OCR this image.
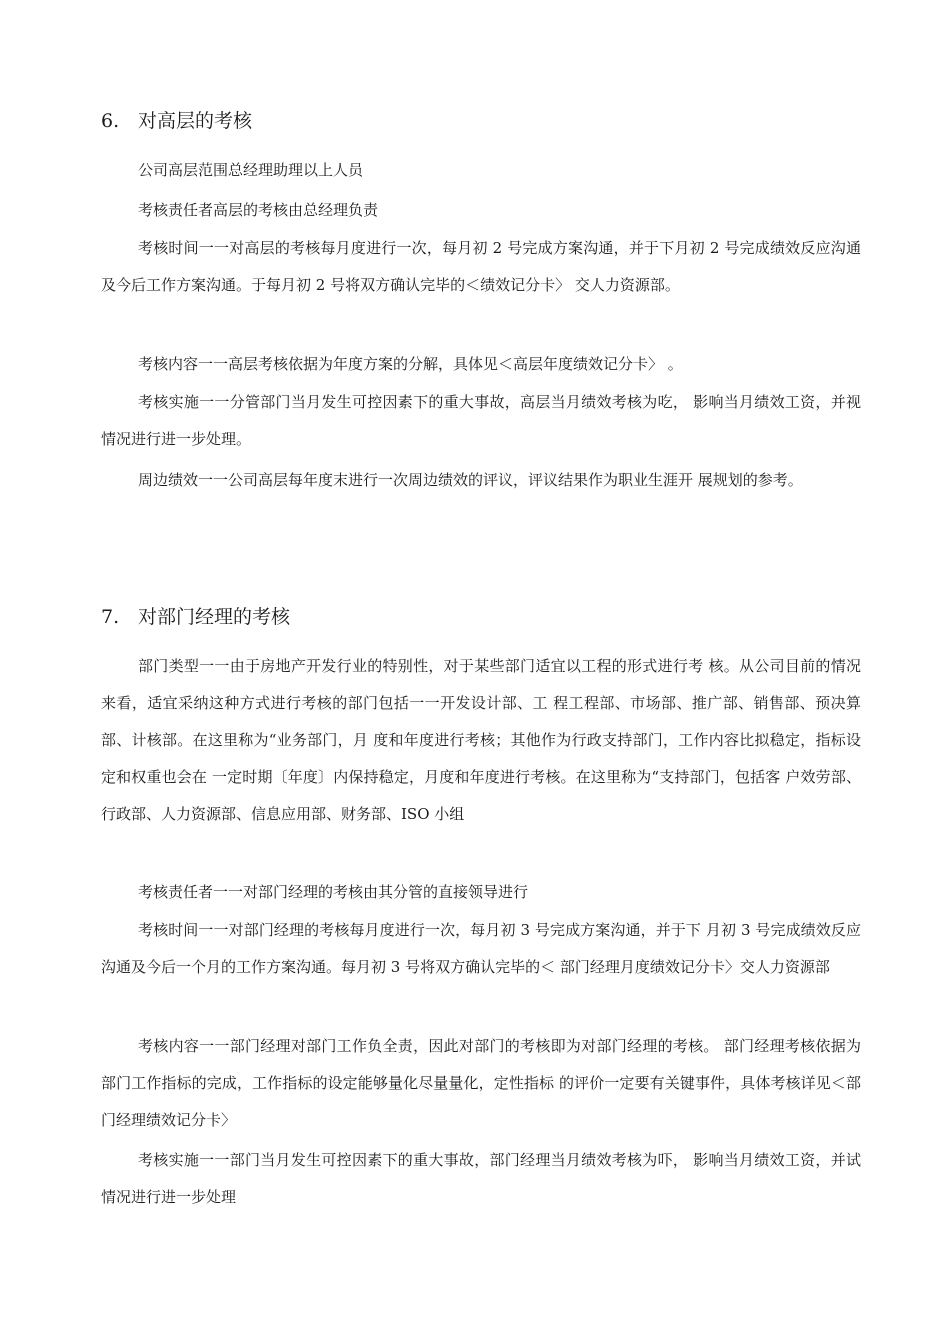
6. 对高层的考核

公司高层范围总经理助理以上人员

考核责任者高层的考核由总经理负责

考核时间一一对高层的考核每月度进行一次，每月初 2 号完成方案沟通，并于下月初 2 号完成绩效反应沟通及今后工作方案沟通。于每月初 2 号将双方确认完毕的＜绩效记分卡〉 交人力资源部。

考核内容一一高层考核依据为年度方案的分解，具体见＜高层年度绩效记分卡〉 。

考核实施一一分管部门当月发生可控因素下的重大事故，高层当月绩效考核为吃， 影响当月绩效工资，并视情况进行进一步处理。

周边绩效一一公司高层每年度末进行一次周边绩效的评议，评议结果作为职业生涯开 展规划的参考。

7. 对部门经理的考核

部门类型一一由于房地产开发行业的特别性，对于某些部门适宜以工程的形式进行考 核。从公司目前的情况来看，适宜采纳这种方式进行考核的部门包括一一开发设计部、工 程工程部、市场部、推广部、销售部、预决算部、计核部。在这里称为“业务部门，月 度和年度进行考核；其他作为行政支持部门，工作内容比拟稳定，指标设定和权重也会在 一定时期〔年度〕内保持稳定，月度和年度进行考核。在这里称为“支持部门，包括客 户效劳部、行政部、人力资源部、信息应用部、财务部、ISO 小组

考核责任者一一对部门经理的考核由其分管的直接领导进行

考核时间一一对部门经理的考核每月度进行一次，每月初 3 号完成方案沟通，并于下 月初 3 号完成绩效反应沟通及今后一个月的工作方案沟通。每月初 3 号将双方确认完毕的＜ 部门经理月度绩效记分卡〉交人力资源部

考核内容一一部门经理对部门工作负全责，因此对部门的考核即为对部门经理的考核。 部门经理考核依据为部门工作指标的完成，工作指标的设定能够量化尽量量化，定性指标 的评价一定要有关键事件，具体考核详见＜部门经理绩效记分卡〉

考核实施一一部门当月发生可控因素下的重大事故，部门经理当月绩效考核为吓， 影响当月绩效工资，并试情况进行进一步处理
